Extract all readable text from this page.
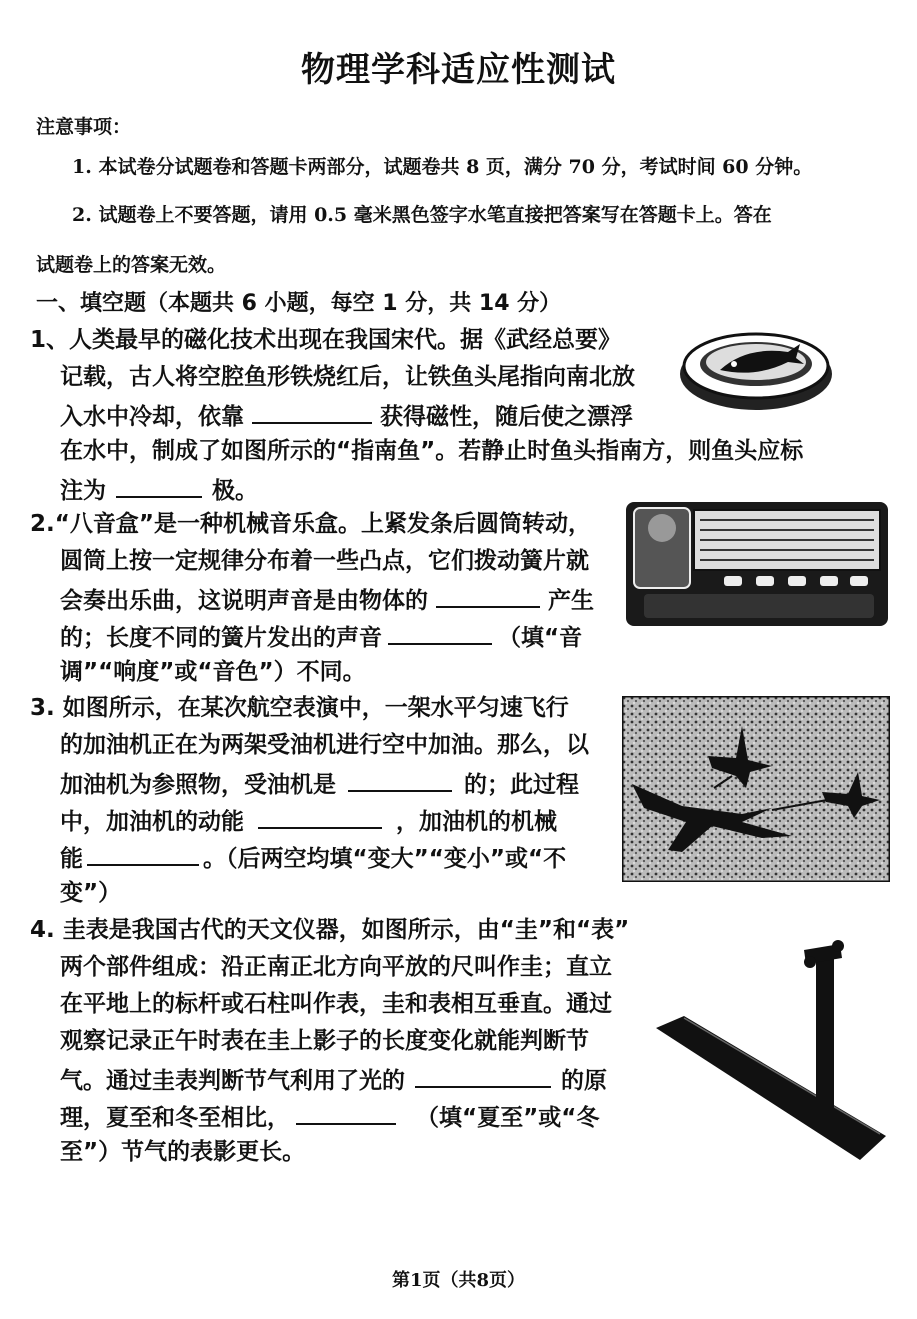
物理学科适应性测试
注意事项：
1. 本试卷分试题卷和答题卡两部分，试题卷共 8 页，满分 70 分，考试时间 60 分钟。
2. 试题卷上不要答题，请用 0.5 毫米黑色签字水笔直接把答案写在答题卡上。答在
试题卷上的答案无效。
一、填空题（本题共 6 小题，每空 1 分，共 14 分）
1、人类最早的磁化技术出现在我国宋代。据《武经总要》
记载，古人将空腔鱼形铁烧红后，让铁鱼头尾指向南北放
入水中冷却，依靠	获得磁性，随后使之漂浮
在水中，制成了如图所示的“指南鱼”。若静止时鱼头指南方，则鱼头应标
注为	极。
2.“八音盒”是一种机械音乐盒。上紧发条后圆筒转动，
圆筒上按一定规律分布着一些凸点，它们拨动簧片就
会奏出乐曲，这说明声音是由物体的	产生
的；长度不同的簧片发出的声音	（填“音
调”“响度”或“音色”）不同。
3. 如图所示，在某次航空表演中，一架水平匀速飞行
的加油机正在为两架受油机进行空中加油。那么，以
加油机为参照物，受油机是	的；此过程
中，加油机的动能	，加油机的机械
能	。（后两空均填“变大”“变小”或“不
变”）
4. 圭表是我国古代的天文仪器，如图所示，由“圭”和“表”
两个部件组成：沿正南正北方向平放的尺叫作圭；直立
在平地上的标杆或石柱叫作表，圭和表相互垂直。通过
观察记录正午时表在圭上影子的长度变化就能判断节
气。通过圭表判断节气利用了光的	的原
理，夏至和冬至相比，	（填“夏至”或“冬
至”）节气的表影更长。
第1页（共8页）
